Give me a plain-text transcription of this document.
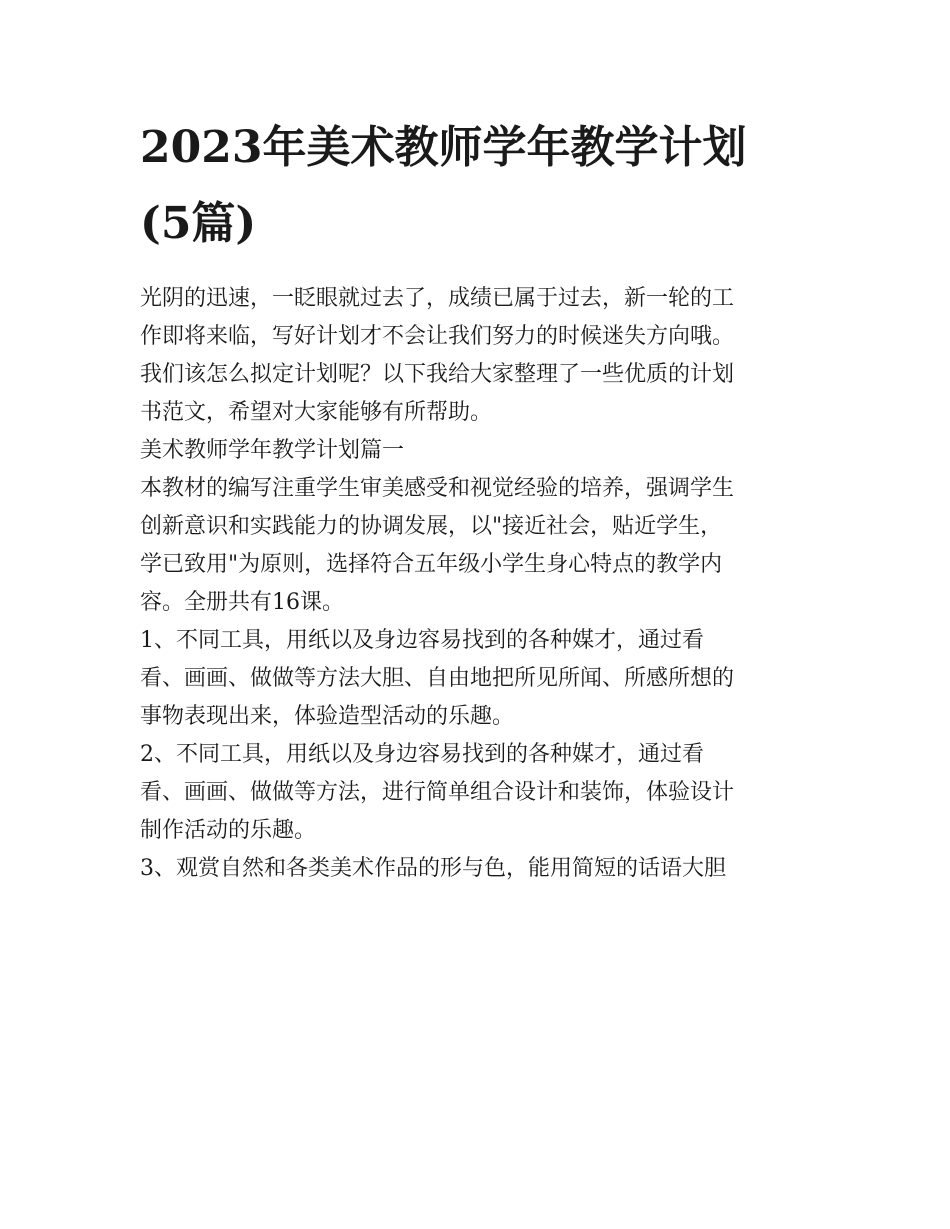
2023年美术教师学年教学计划
(5篇)

光阴的迅速，一眨眼就过去了，成绩已属于过去，新一轮的工
作即将来临，写好计划才不会让我们努力的时候迷失方向哦。
我们该怎么拟定计划呢？以下我给大家整理了一些优质的计划
书范文，希望对大家能够有所帮助。

美术教师学年教学计划篇一

本教材的编写注重学生审美感受和视觉经验的培养，强调学生
创新意识和实践能力的协调发展，以"接近社会，贴近学生，
学已致用"为原则，选择符合五年级小学生身心特点的教学内
容。全册共有16课。

1、不同工具，用纸以及身边容易找到的各种媒才，通过看
看、画画、做做等方法大胆、自由地把所见所闻、所感所想的
事物表现出来，体验造型活动的乐趣。

2、不同工具，用纸以及身边容易找到的各种媒才，通过看
看、画画、做做等方法，进行简单组合设计和装饰，体验设计
制作活动的乐趣。

3、观赏自然和各类美术作品的形与色，能用简短的话语大胆
